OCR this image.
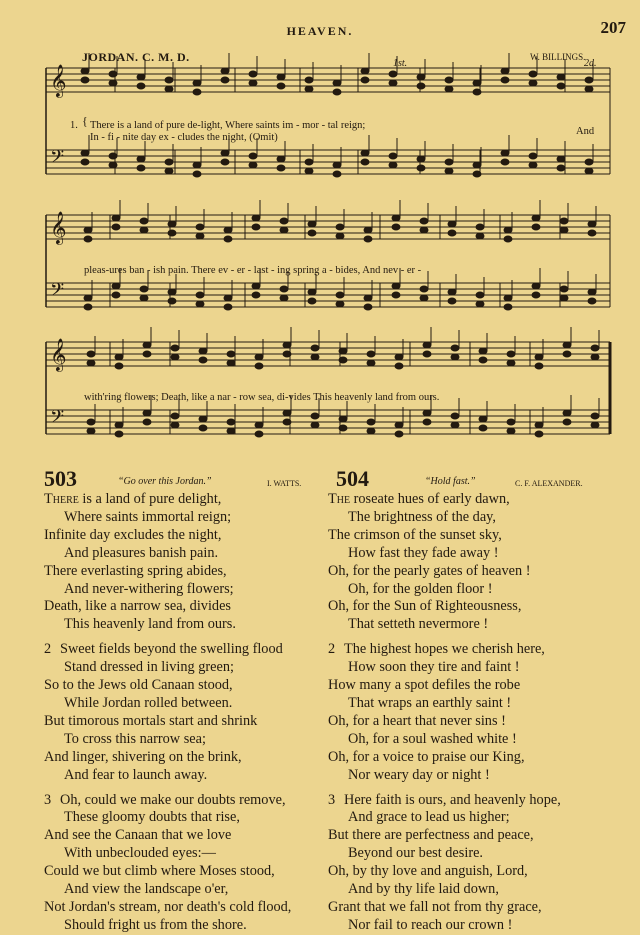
HEAVEN.	207
JORDAN. C. M. D.	W. BILLINGS.
1st.	2d.
𝄞
𝄢
𝄞
𝄢
𝄞
𝄢
1. { There is a land of pure de-light, Where saints im - mor - tal reign;
In - fi - nite day ex - cludes the night, (Omit)
And
pleas-ures ban - ish pain. There ev - er - last - ing spring a - bides, And nev - er -
with'ring flowers; Death, like a nar - row sea, di-vides This heavenly land from ours.
503	“Go over this Jordan.”	I. WATTS. 504	“Hold fast.”	C. F. ALEXANDER.
There is a land of pure delight,
Where saints immortal reign;
Infinite day excludes the night,
And pleasures banish pain.
There everlasting spring abides,
And never-withering flowers;
Death, like a narrow sea, divides
This heavenly land from ours.
2 Sweet fields beyond the swelling flood
Stand dressed in living green;
So to the Jews old Canaan stood,
While Jordan rolled between.
But timorous mortals start and shrink
To cross this narrow sea;
And linger, shivering on the brink,
And fear to launch away.
3 Oh, could we make our doubts remove,
These gloomy doubts that rise,
And see the Canaan that we love
With unbeclouded eyes:—
Could we but climb where Moses stood,
And view the landscape o'er,
Not Jordan's stream, nor death's cold flood,
Should fright us from the shore.
The roseate hues of early dawn,
The brightness of the day,
The crimson of the sunset sky,
How fast they fade away !
Oh, for the pearly gates of heaven !
Oh, for the golden floor !
Oh, for the Sun of Righteousness,
That setteth nevermore !
2 The highest hopes we cherish here,
How soon they tire and faint !
How many a spot defiles the robe
That wraps an earthly saint !
Oh, for a heart that never sins !
Oh, for a soul washed white !
Oh, for a voice to praise our King,
Nor weary day or night !
3 Here faith is ours, and heavenly hope,
And grace to lead us higher;
But there are perfectness and peace,
Beyond our best desire.
Oh, by thy love and anguish, Lord,
And by thy life laid down,
Grant that we fall not from thy grace,
Nor fail to reach our crown !
